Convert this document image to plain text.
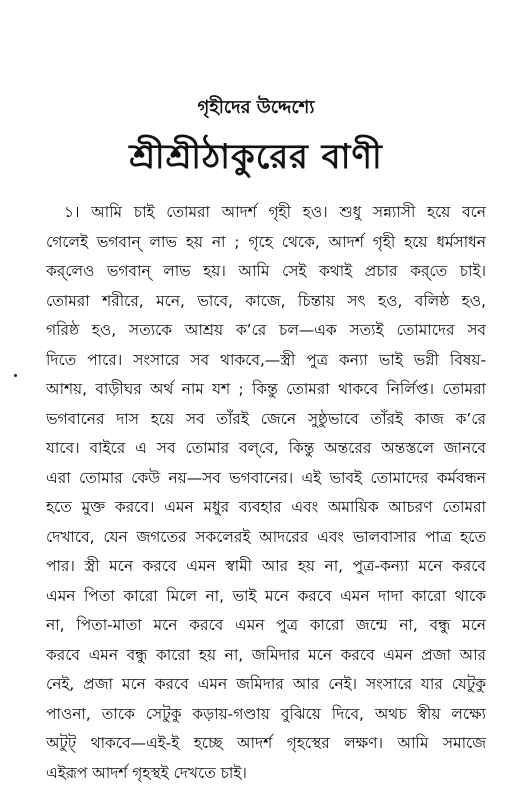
গৃহীদের উদ্দেশ্যে
শ্রীশ্রীঠাকুরের বাণী
১। আমি চাই তোমরা আদর্শ গৃহী হও। শুধু সন্ন্যাসী হয়ে বনে
গেলেই ভগবান্ লাভ হয় না ; গৃহে থেকে, আদর্শ গৃহী হয়ে ধর্মসাধন
কর্‌লেও ভগবান্ লাভ হয়। আমি সেই কথাই প্রচার কর্‌তে চাই।
তোমরা শরীরে, মনে, ভাবে, কাজে, চিন্তায় সৎ হও, বলিষ্ঠ হও,
গরিষ্ঠ হও, সত্যকে আশ্রয় ক’রে চল—এক সত্যই তোমাদের সব
দিতে পারে। সংসারে সব থাকবে,—স্ত্রী পুত্র কন্যা ভাই ভগ্নী বিষয়-
আশয়, বাড়ীঘর অর্থ নাম যশ ; কিন্তু তোমরা থাকবে নির্লিপ্ত। তোমরা
ভগবানের দাস হয়ে সব তাঁরই জেনে সুষ্ঠুভাবে তাঁরই কাজ ক’রে
যাবে। বাইরে এ সব তোমার বল্‌বে, কিন্তু অন্তরের অন্তস্তলে জানবে
এরা তোমার কেউ নয়—সব ভগবানের। এই ভাবই তোমাদের কর্মবন্ধন
হতে মুক্ত করবে। এমন মধুর ব্যবহার এবং অমায়িক আচরণ তোমরা
দেখাবে, যেন জগতের সকলেরই আদরের এবং ভালবাসার পাত্র হতে
পার। স্ত্রী মনে করবে এমন স্বামী আর হয় না, পুত্র-কন্যা মনে করবে
এমন পিতা কারো মিলে না, ভাই মনে করবে এমন দাদা কারো থাকে
না, পিতা-মাতা মনে করবে এমন পুত্র কারো জন্মে না, বন্ধু মনে
করবে এমন বন্ধু কারো হয় না, জমিদার মনে করবে এমন প্রজা আর
নেই, প্রজা মনে করবে এমন জমিদার আর নেই। সংসারে যার যেটুকু
পাওনা, তাকে সেটুকু কড়ায়-গণ্ডায় বুঝিয়ে দিবে, অথচ স্বীয় লক্ষ্যে
অটুট্ থাকবে—এই-ই হচ্ছে আদর্শ গৃহস্থের লক্ষণ। আমি সমাজে
এইরূপ আদর্শ গৃহস্থই দেখতে চাই।
